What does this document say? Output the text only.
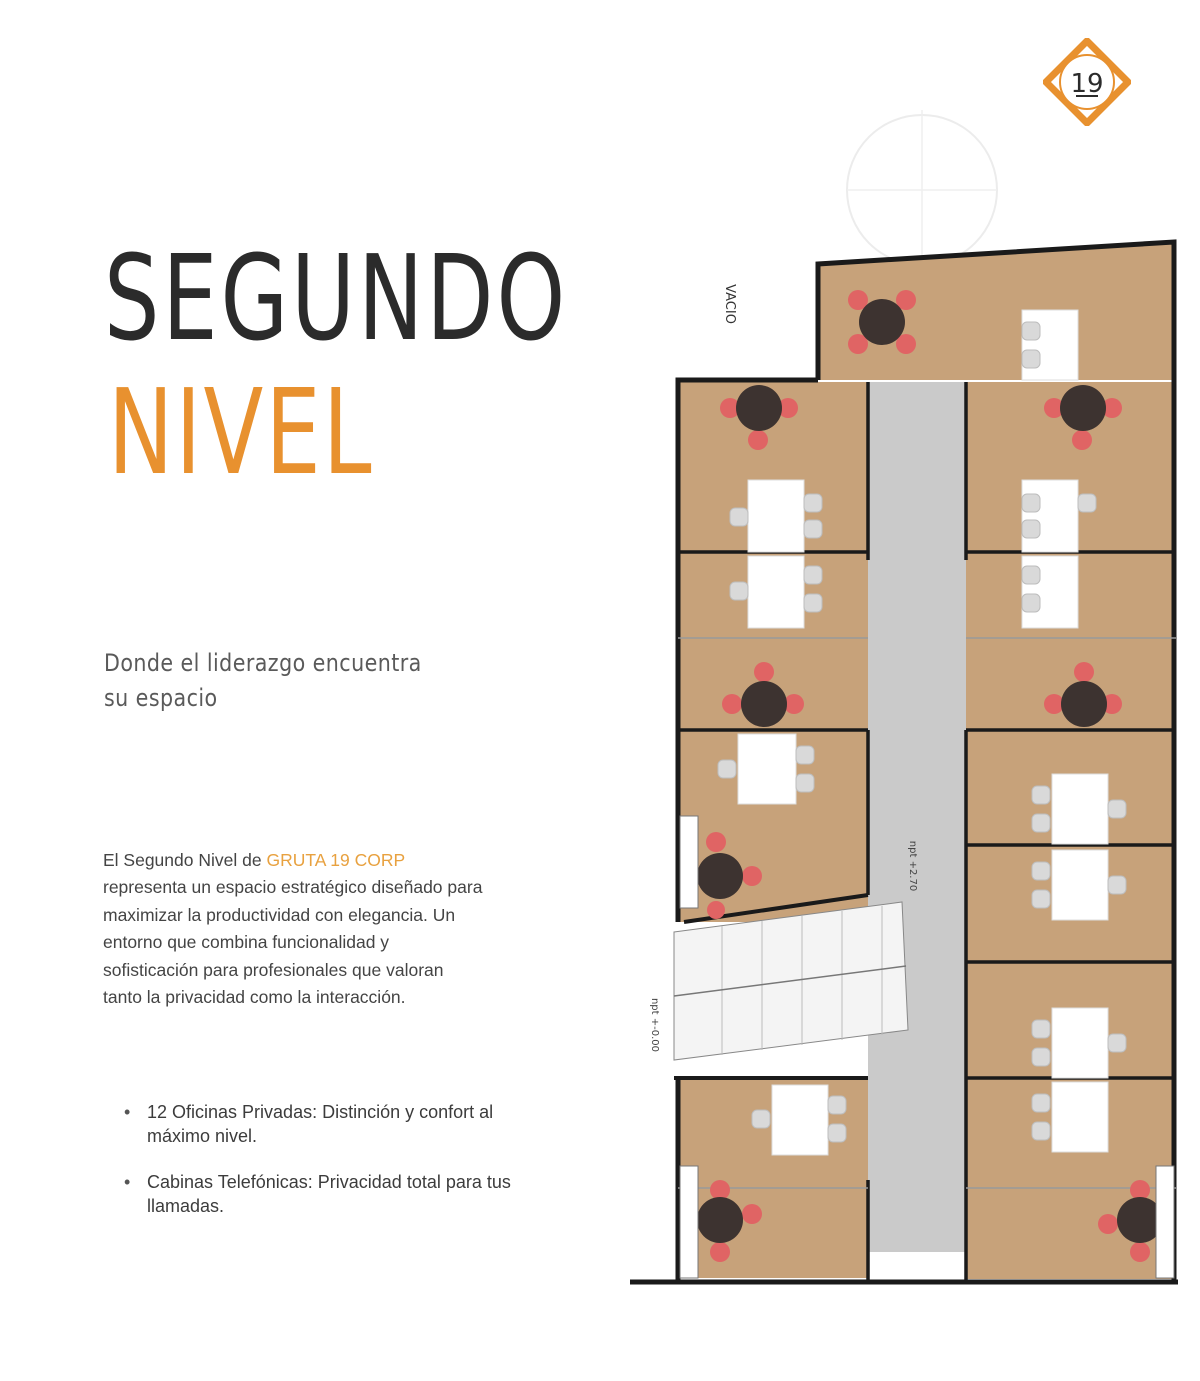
19
SEGUNDO
NIVEL
Donde el liderazgo encuentra su espacio

El Segundo Nivel de GRUTA 19 CORP representa un espacio estratégico diseñado para maximizar la productividad con elegancia. Un entorno que combina funcionalidad y sofisticación para profesionales que valoran tanto la privacidad como la interacción.

• 12 Oficinas Privadas: Distinción y confort al máximo nivel.
• Cabinas Telefónicas: Privacidad total para tus llamadas.
VACIO
npt +2.70
npt +-0.00
